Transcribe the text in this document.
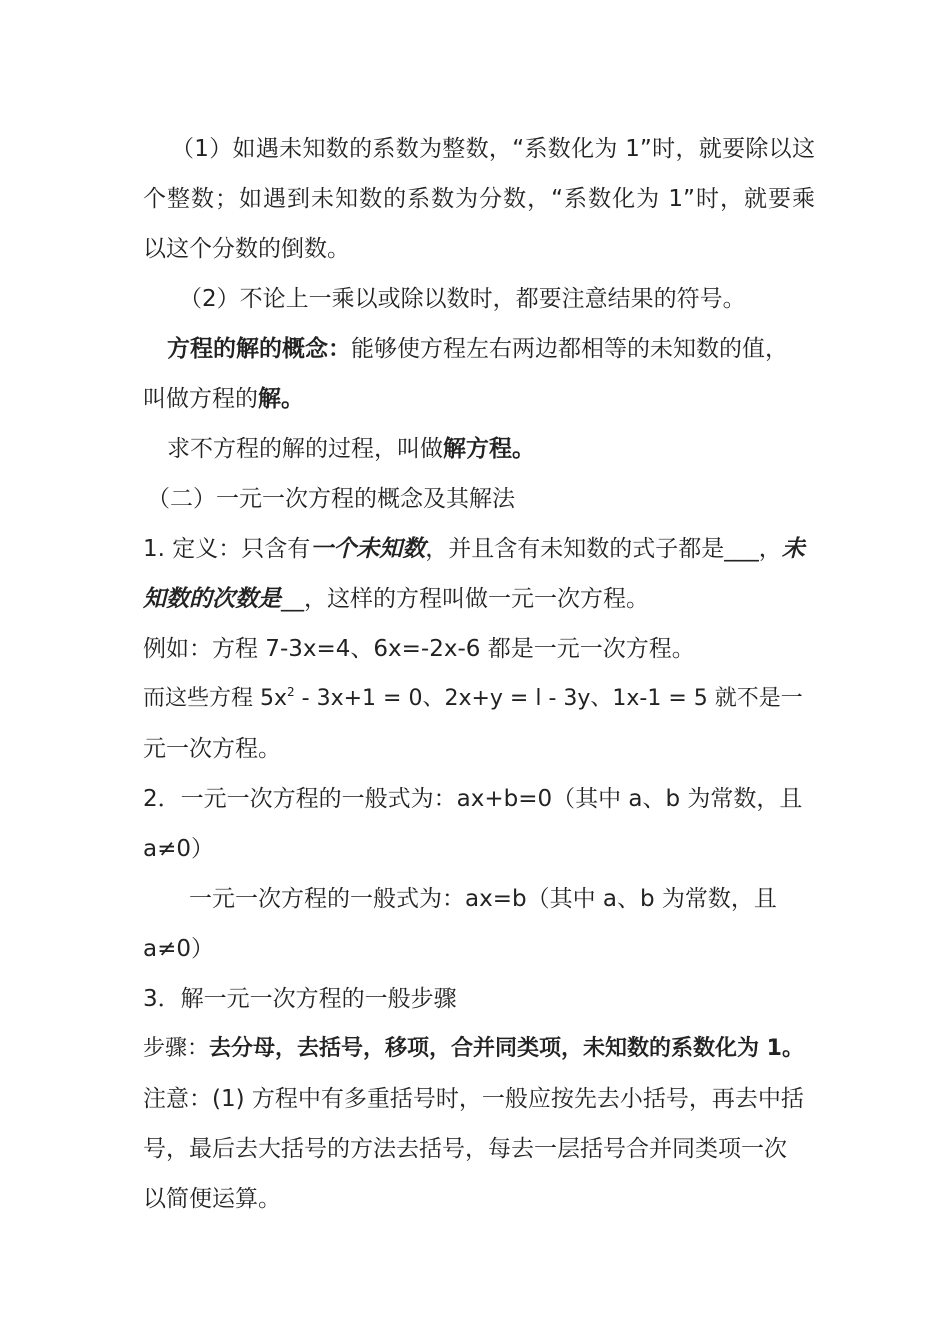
（1）如遇未知数的系数为整数，“系数化为 1”时，就要除以这
个整数；如遇到未知数的系数为分数，“系数化为 1”时，就要乘
以这个分数的倒数。
（2）不论上一乘以或除以数时，都要注意结果的符号。
方程的解的概念：能够使方程左右两边都相等的未知数的值，
叫做方程的解。
求不方程的解的过程，叫做解方程。
（二）一元一次方程的概念及其解法
1. 定义：只含有一个未知数，并且含有未知数的式子都是___，未
知数的次数是__，这样的方程叫做一元一次方程。
例如：方程 7-3x=4、6x=-2x-6 都是一元一次方程。
而这些方程 $5x^2 - 3x+1 = 0$、2x+y = l - 3y、1x-1 = 5 就不是一
元一次方程。
2．一元一次方程的一般式为：ax+b=0（其中 a、b 为常数，且
a≠0）
一元一次方程的一般式为：ax=b（其中 a、b 为常数，且
a≠0）
3．解一元一次方程的一般步骤
步骤：去分母，去括号，移项，合并同类项，未知数的系数化为 1。
注意：(1) 方程中有多重括号时，一般应按先去小括号，再去中括
号，最后去大括号的方法去括号，每去一层括号合并同类项一次
以简便运算。
